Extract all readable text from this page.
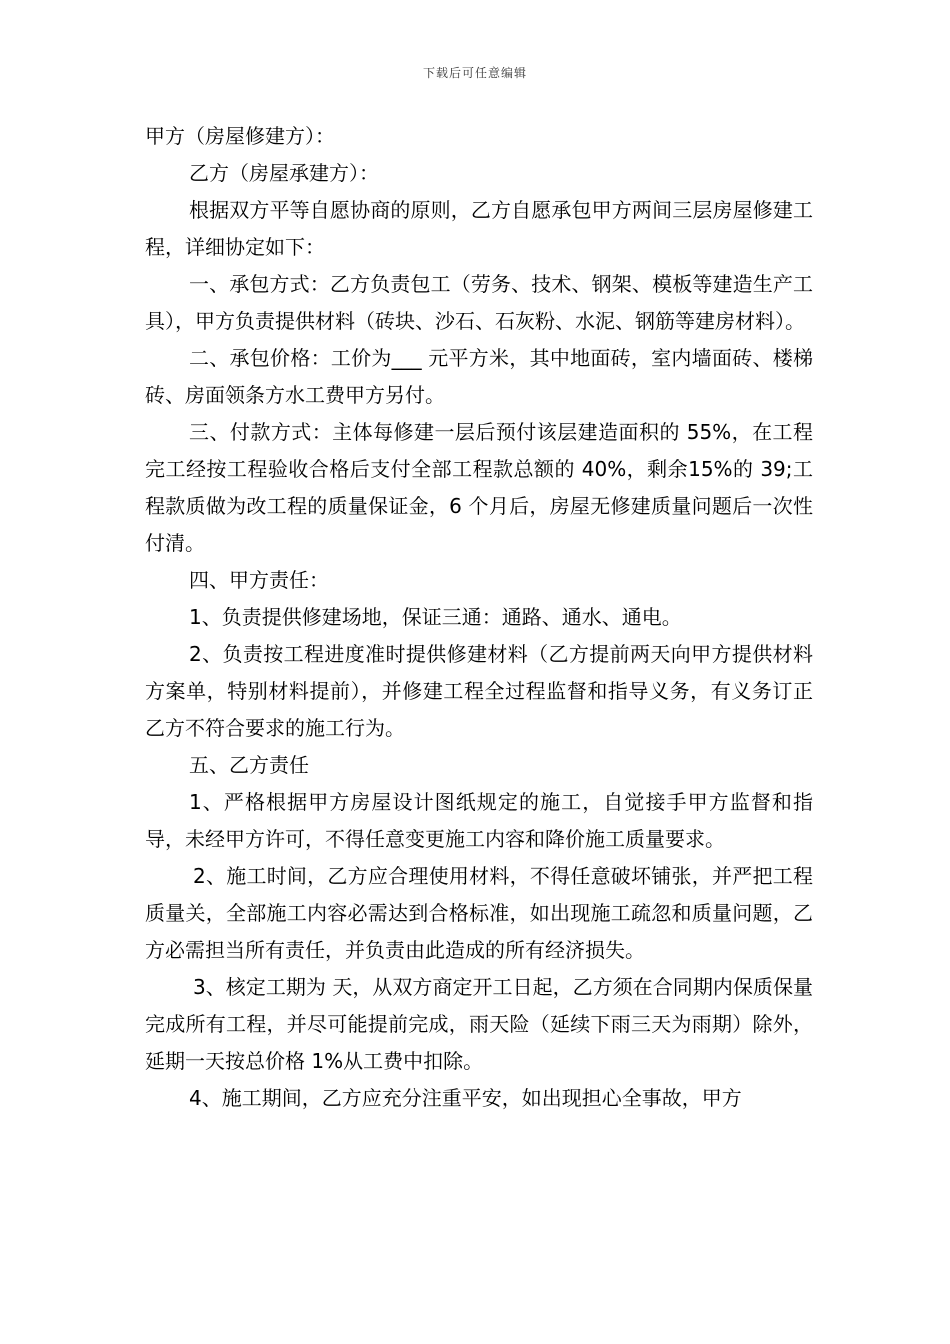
下载后可任意编辑

甲方（房屋修建方）：

乙方（房屋承建方）：

根据双方平等自愿协商的原则，乙方自愿承包甲方两间三层房屋修建工程，详细协定如下：

一、承包方式：乙方负责包工（劳务、技术、钢架、模板等建造生产工具），甲方负责提供材料（砖块、沙石、石灰粉、水泥、钢筋等建房材料）。

二、承包价格：工价为___ 元平方米，其中地面砖，室内墙面砖、楼梯砖、房面领条方水工费甲方另付。

三、付款方式：主体每修建一层后预付该层建造面积的 55%，在工程完工经按工程验收合格后支付全部工程款总额的 40%，剩余15%的 39;工程款质做为改工程的质量保证金，6 个月后，房屋无修建质量问题后一次性付清。

四、甲方责任：

1、负责提供修建场地，保证三通：通路、通水、通电。

2、负责按工程进度准时提供修建材料（乙方提前两天向甲方提供材料方案单，特别材料提前），并修建工程全过程监督和指导义务，有义务订正乙方不符合要求的施工行为。

五、乙方责任

1、严格根据甲方房屋设计图纸规定的施工，自觉接手甲方监督和指导，未经甲方许可，不得任意变更施工内容和降价施工质量要求。

2、施工时间，乙方应合理使用材料，不得任意破坏铺张，并严把工程质量关，全部施工内容必需达到合格标准，如出现施工疏忽和质量问题，乙方必需担当所有责任，并负责由此造成的所有经济损失。

3、核定工期为 天，从双方商定开工日起，乙方须在合同期内保质保量完成所有工程，并尽可能提前完成，雨天险（延续下雨三天为雨期）除外，延期一天按总价格 1%从工费中扣除。

4、施工期间，乙方应充分注重平安，如出现担心全事故，甲方
